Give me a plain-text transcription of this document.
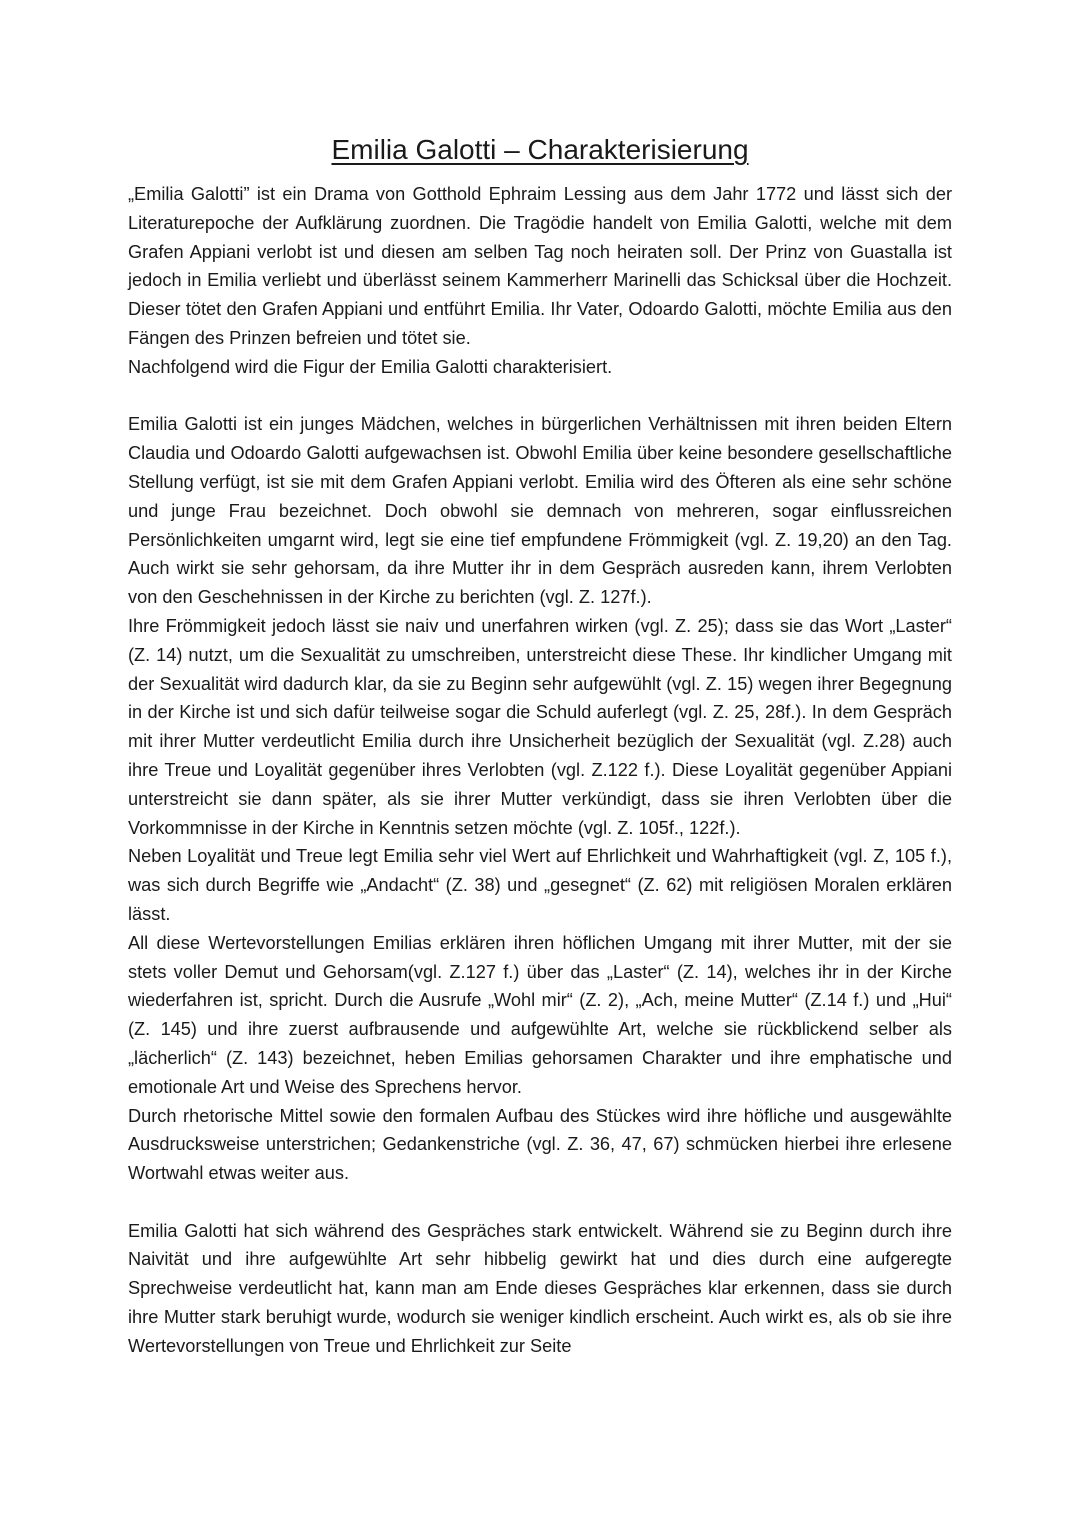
Emilia Galotti – Charakterisierung

„Emilia Galotti” ist ein Drama von Gotthold Ephraim Lessing aus dem Jahr 1772 und lässt sich der Literaturepoche der Aufklärung zuordnen. Die Tragödie handelt von Emilia Galotti, welche mit dem Grafen Appiani verlobt ist und diesen am selben Tag noch heiraten soll. Der Prinz von Guastalla ist jedoch in Emilia verliebt und überlässt seinem Kammerherr Marinelli das Schicksal über die Hochzeit. Dieser tötet den Grafen Appiani und entführt Emilia. Ihr Vater, Odoardo Galotti, möchte Emilia aus den Fängen des Prinzen befreien und tötet sie.

Nachfolgend wird die Figur der Emilia Galotti charakterisiert.

Emilia Galotti ist ein junges Mädchen, welches in bürgerlichen Verhältnissen mit ihren beiden Eltern Claudia und Odoardo Galotti aufgewachsen ist. Obwohl Emilia über keine besondere gesellschaftliche Stellung verfügt, ist sie mit dem Grafen Appiani verlobt. Emilia wird des Öfteren als eine sehr schöne und junge Frau bezeichnet. Doch obwohl sie demnach von mehreren, sogar einflussreichen Persönlichkeiten umgarnt wird, legt sie eine tief empfundene Frömmigkeit (vgl. Z. 19,20) an den Tag. Auch wirkt sie sehr gehorsam, da ihre Mutter ihr in dem Gespräch ausreden kann, ihrem Verlobten von den Geschehnissen in der Kirche zu berichten (vgl. Z. 127f.).

Ihre Frömmigkeit jedoch lässt sie naiv und unerfahren wirken (vgl. Z. 25); dass sie das Wort „Laster“ (Z. 14) nutzt, um die Sexualität zu umschreiben, unterstreicht diese These. Ihr kindlicher Umgang mit der Sexualität wird dadurch klar, da sie zu Beginn sehr aufgewühlt (vgl. Z. 15) wegen ihrer Begegnung in der Kirche ist und sich dafür teilweise sogar die Schuld auferlegt (vgl. Z. 25, 28f.). In dem Gespräch mit ihrer Mutter verdeutlicht Emilia durch ihre Unsicherheit bezüglich der Sexualität (vgl. Z.28) auch ihre Treue und Loyalität gegenüber ihres Verlobten (vgl. Z.122 f.). Diese Loyalität gegenüber Appiani unterstreicht sie dann später, als sie ihrer Mutter verkündigt, dass sie ihren Verlobten über die Vorkommnisse in der Kirche in Kenntnis setzen möchte (vgl. Z. 105f., 122f.).

Neben Loyalität und Treue legt Emilia sehr viel Wert auf Ehrlichkeit und Wahrhaftigkeit (vgl. Z, 105 f.), was sich durch Begriffe wie „Andacht“ (Z. 38) und „gesegnet“ (Z. 62) mit religiösen Moralen erklären lässt.

All diese Wertevorstellungen Emilias erklären ihren höflichen Umgang mit ihrer Mutter, mit der sie stets voller Demut und Gehorsam(vgl. Z.127 f.) über das „Laster“ (Z. 14), welches ihr in der Kirche wiederfahren ist, spricht. Durch die Ausrufe „Wohl mir“ (Z. 2), „Ach, meine Mutter“ (Z.14 f.) und „Hui“ (Z. 145) und ihre zuerst aufbrausende und aufgewühlte Art, welche sie rückblickend selber als „lächerlich“ (Z. 143) bezeichnet, heben Emilias gehorsamen Charakter und ihre emphatische und emotionale Art und Weise des Sprechens hervor.

Durch rhetorische Mittel sowie den formalen Aufbau des Stückes wird ihre höfliche und ausgewählte Ausdrucksweise unterstrichen; Gedankenstriche (vgl. Z. 36, 47, 67) schmücken hierbei ihre erlesene Wortwahl etwas weiter aus.

Emilia Galotti hat sich während des Gespräches stark entwickelt. Während sie zu Beginn durch ihre Naivität und ihre aufgewühlte Art sehr hibbelig gewirkt hat und dies durch eine aufgeregte Sprechweise verdeutlicht hat, kann man am Ende dieses Gespräches klar erkennen, dass sie durch ihre Mutter stark beruhigt wurde, wodurch sie weniger kindlich erscheint. Auch wirkt es, als ob sie ihre Wertevorstellungen von Treue und Ehrlichkeit zur Seite
